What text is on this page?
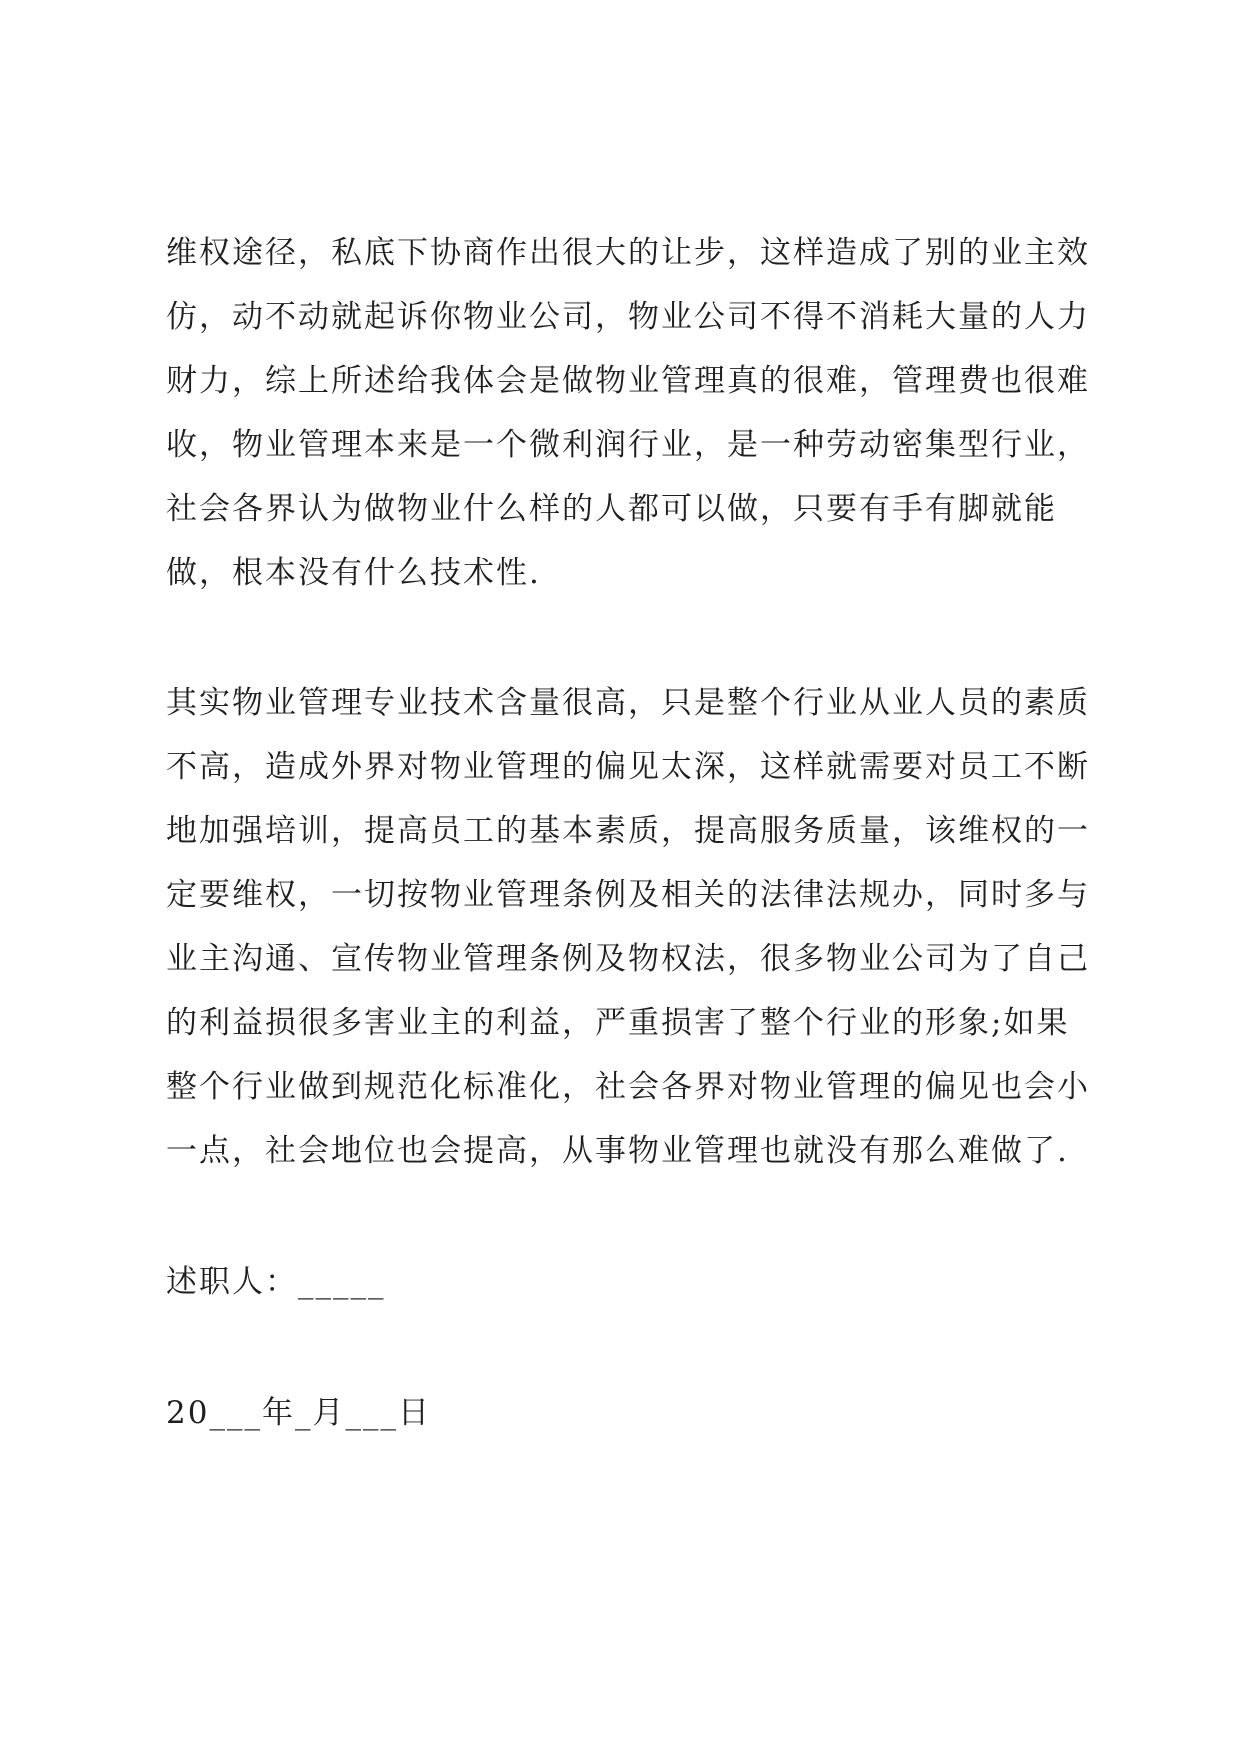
维权途径，私底下协商作出很大的让步，这样造成了别的业主效
仿，动不动就起诉你物业公司，物业公司不得不消耗大量的人力
财力，综上所述给我体会是做物业管理真的很难，管理费也很难
收，物业管理本来是一个微利润行业，是一种劳动密集型行业，
社会各界认为做物业什么样的人都可以做，只要有手有脚就能
做，根本没有什么技术性.
其实物业管理专业技术含量很高，只是整个行业从业人员的素质
不高，造成外界对物业管理的偏见太深，这样就需要对员工不断
地加强培训，提高员工的基本素质，提高服务质量，该维权的一
定要维权，一切按物业管理条例及相关的法律法规办，同时多与
业主沟通、宣传物业管理条例及物权法，很多物业公司为了自己
的利益损很多害业主的利益，严重损害了整个行业的形象;如果
整个行业做到规范化标准化，社会各界对物业管理的偏见也会小
一点，社会地位也会提高，从事物业管理也就没有那么难做了.
述职人：_____
20___年_月___日
